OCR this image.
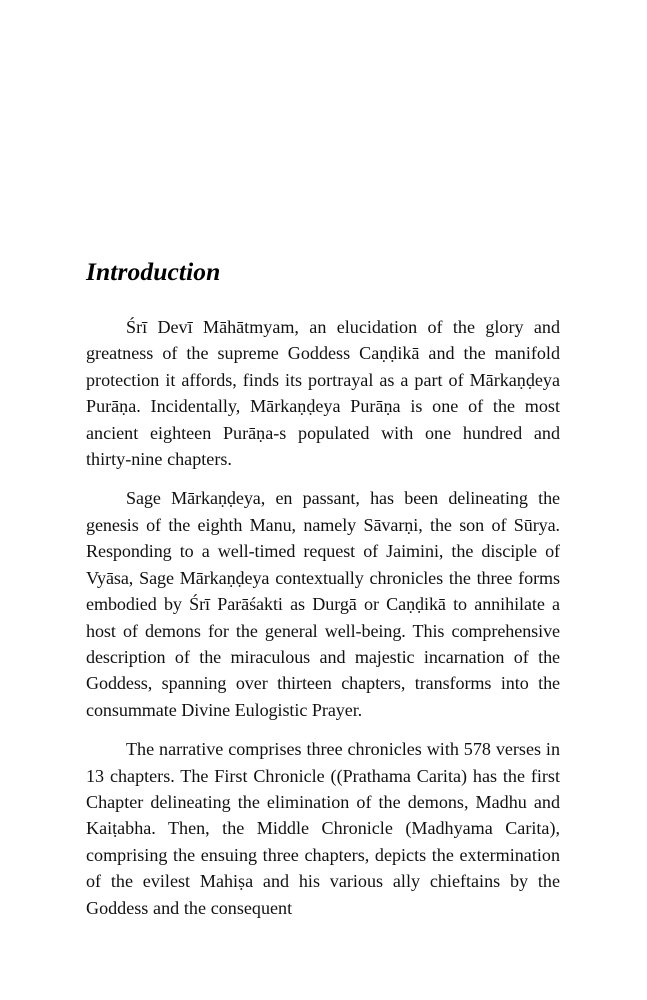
Introduction

Śrī Devī Māhātmyam, an elucidation of the glory and greatness of the supreme Goddess Caṇḍikā and the manifold protection it affords, finds its portrayal as a part of Mārkaṇḍeya Purāṇa. Incidentally, Mārkaṇḍeya Purāṇa is one of the most ancient eighteen Purāṇa-s populated with one hundred and thirty-nine chapters.

Sage Mārkaṇḍeya, en passant, has been delineating the genesis of the eighth Manu, namely Sāvarṇi, the son of Sūrya. Responding to a well-timed request of Jaimini, the disciple of Vyāsa, Sage Mārkaṇḍeya contextually chronicles the three forms embodied by Śrī Parāśakti as Durgā or Caṇḍikā to annihilate a host of demons for the general well-being. This comprehensive description of the miraculous and majestic incarnation of the Goddess, spanning over thirteen chapters, transforms into the consummate Divine Eulogistic Prayer.

The narrative comprises three chronicles with 578 verses in 13 chapters. The First Chronicle ((Prathama Carita) has the first Chapter delineating the elimination of the demons, Madhu and Kaiṭabha. Then, the Middle Chronicle (Madhyama Carita), comprising the ensuing three chapters, depicts the extermination of the evilest Mahiṣa and his various ally chieftains by the Goddess and the consequent
